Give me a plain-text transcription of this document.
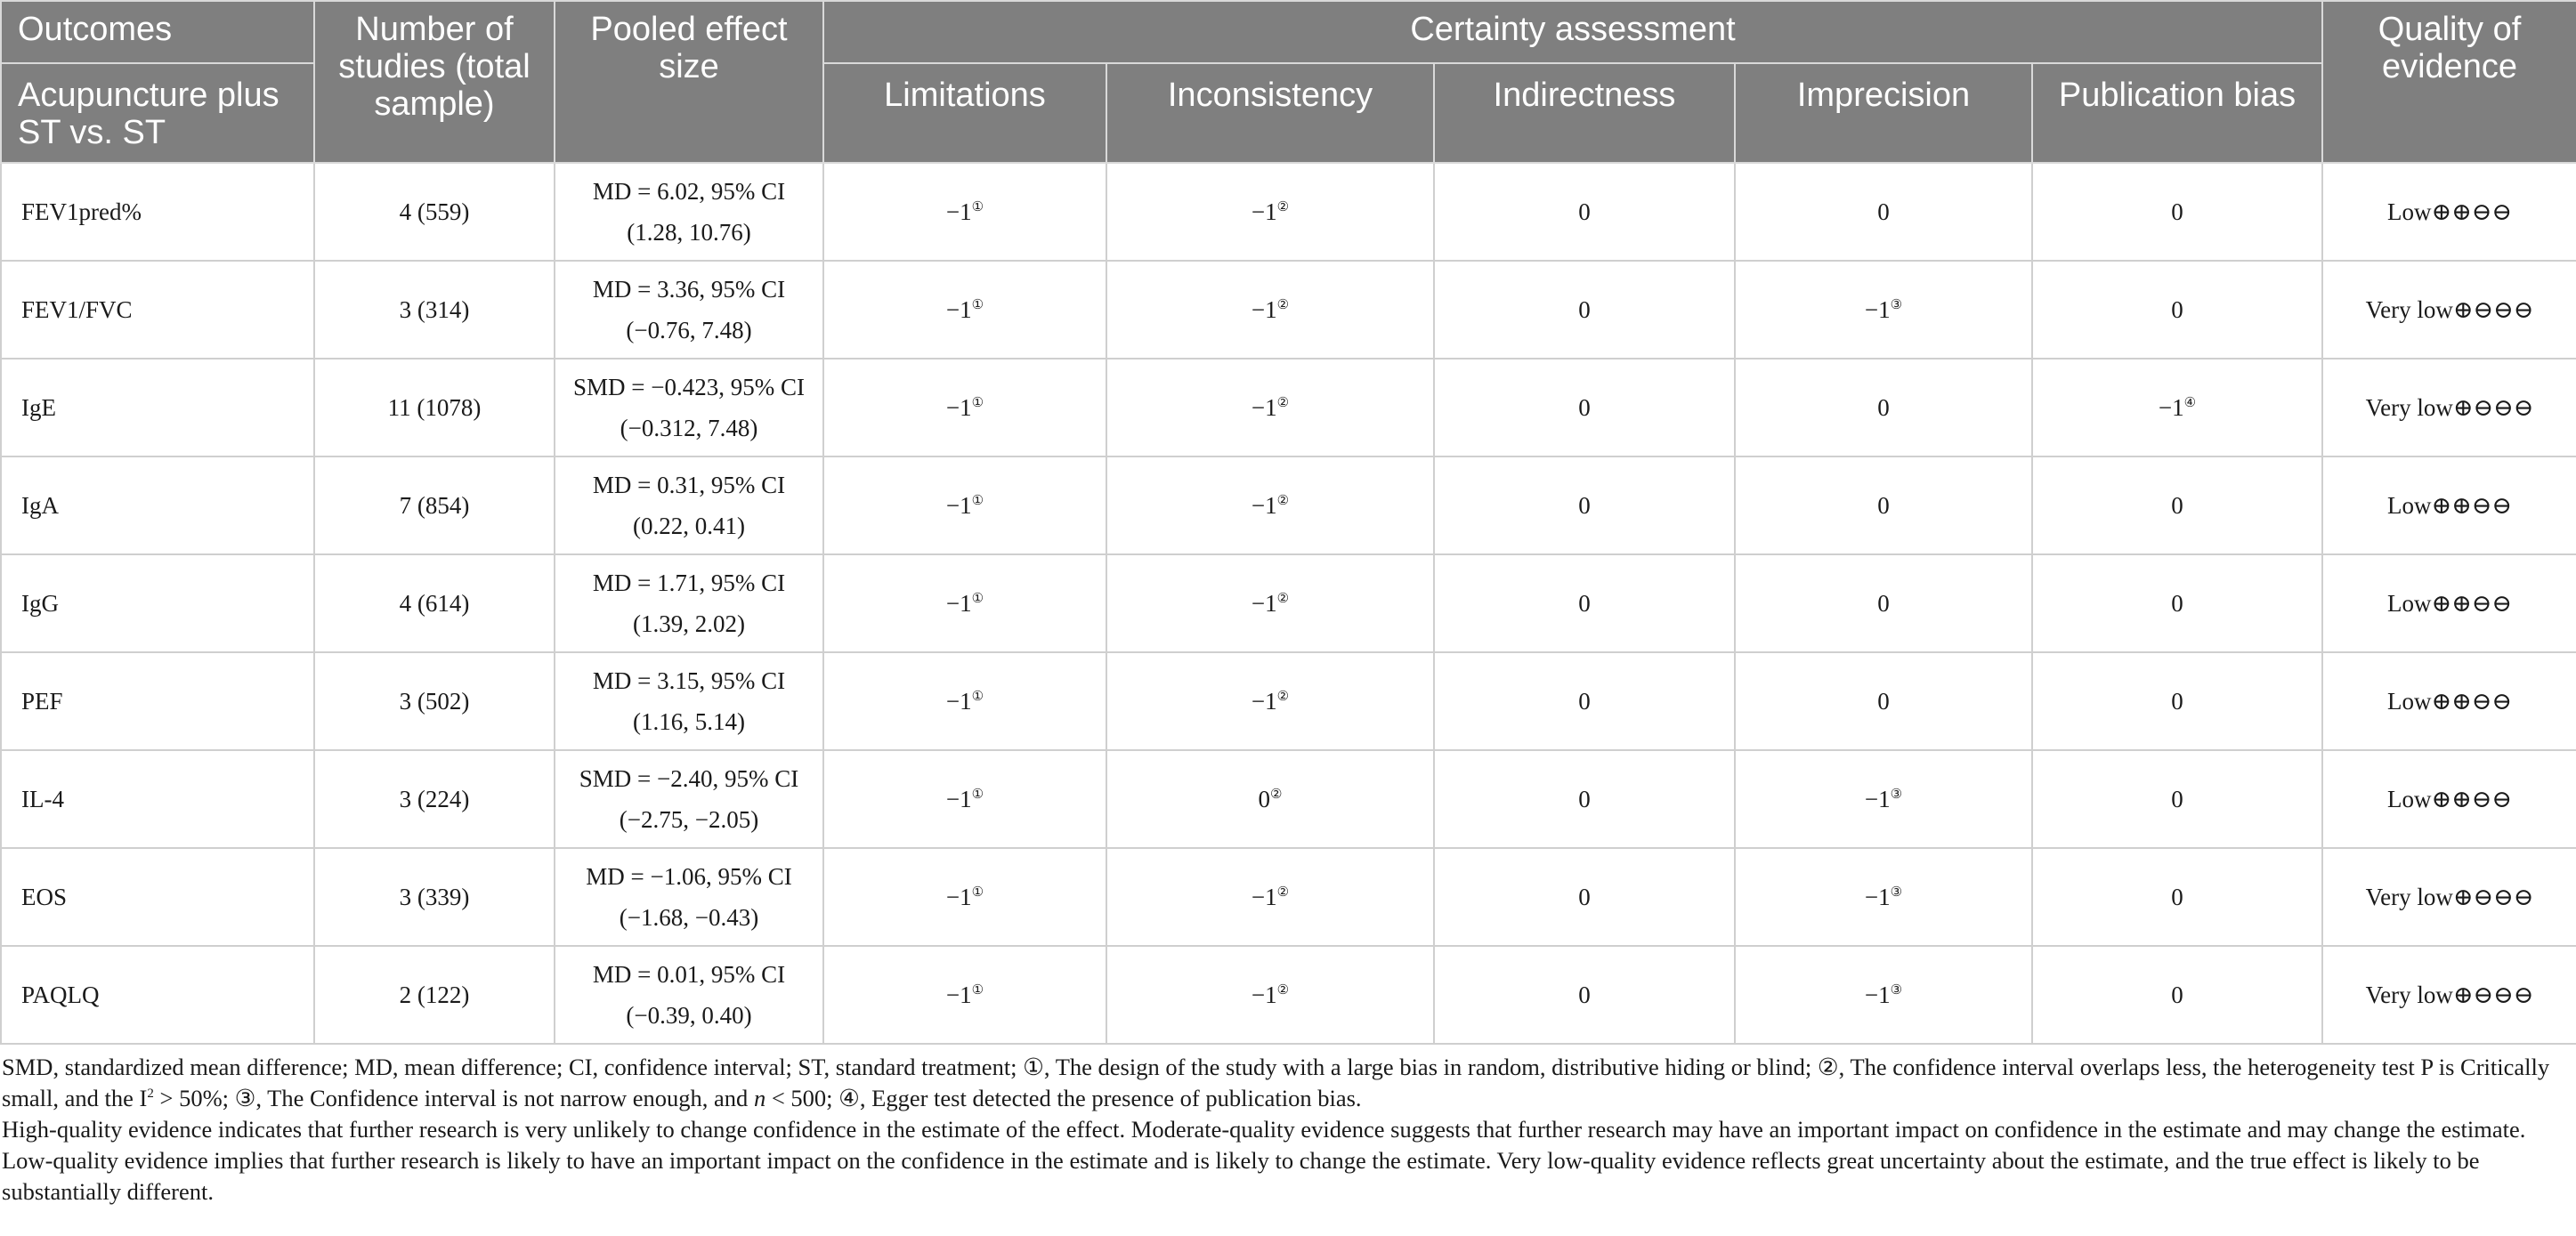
Outcomes	Number of studies (total sample)	Pooled effect size	Certainty assessment					Quality of evidence
Acupuncture plus ST vs. ST			Limitations	Inconsistency	Indirectness	Imprecision	Publication bias	
FEV1pred%	4 (559)	MD = 6.02, 95% CI (1.28, 10.76)	−1①	−1②	0	0	0	Low⊕⊕⊖⊖
FEV1/FVC	3 (314)	MD = 3.36, 95% CI (−0.76, 7.48)	−1①	−1②	0	−1③	0	Very low⊕⊖⊖⊖
IgE	11 (1078)	SMD = −0.423, 95% CI (−0.312, 7.48)	−1①	−1②	0	0	−1④	Very low⊕⊖⊖⊖
IgA	7 (854)	MD = 0.31, 95% CI (0.22, 0.41)	−1①	−1②	0	0	0	Low⊕⊕⊖⊖
IgG	4 (614)	MD = 1.71, 95% CI (1.39, 2.02)	−1①	−1②	0	0	0	Low⊕⊕⊖⊖
PEF	3 (502)	MD = 3.15, 95% CI (1.16, 5.14)	−1①	−1②	0	0	0	Low⊕⊕⊖⊖
IL-4	3 (224)	SMD = −2.40, 95% CI (−2.75, −2.05)	−1①	0②	0	−1③	0	Low⊕⊕⊖⊖
EOS	3 (339)	MD = −1.06, 95% CI (−1.68, −0.43)	−1①	−1②	0	−1③	0	Very low⊕⊖⊖⊖
PAQLQ	2 (122)	MD = 0.01, 95% CI (−0.39, 0.40)	−1①	−1②	0	−1③	0	Very low⊕⊖⊖⊖

SMD, standardized mean difference; MD, mean difference; CI, confidence interval; ST, standard treatment; ①, The design of the study with a large bias in random, distributive hiding or blind; ②, The confidence interval overlaps less, the heterogeneity test P is Critically small, and the $I^2 > 50\%$; ③, The Confidence interval is not narrow enough, and n < 500; ④, Egger test detected the presence of publication bias.

High-quality evidence indicates that further research is very unlikely to change confidence in the estimate of the effect. Moderate-quality evidence suggests that further research may have an important impact on confidence in the estimate and may change the estimate. Low-quality evidence implies that further research is likely to have an important impact on the confidence in the estimate and is likely to change the estimate. Very low-quality evidence reflects great uncertainty about the estimate, and the true effect is likely to be substantially different.
